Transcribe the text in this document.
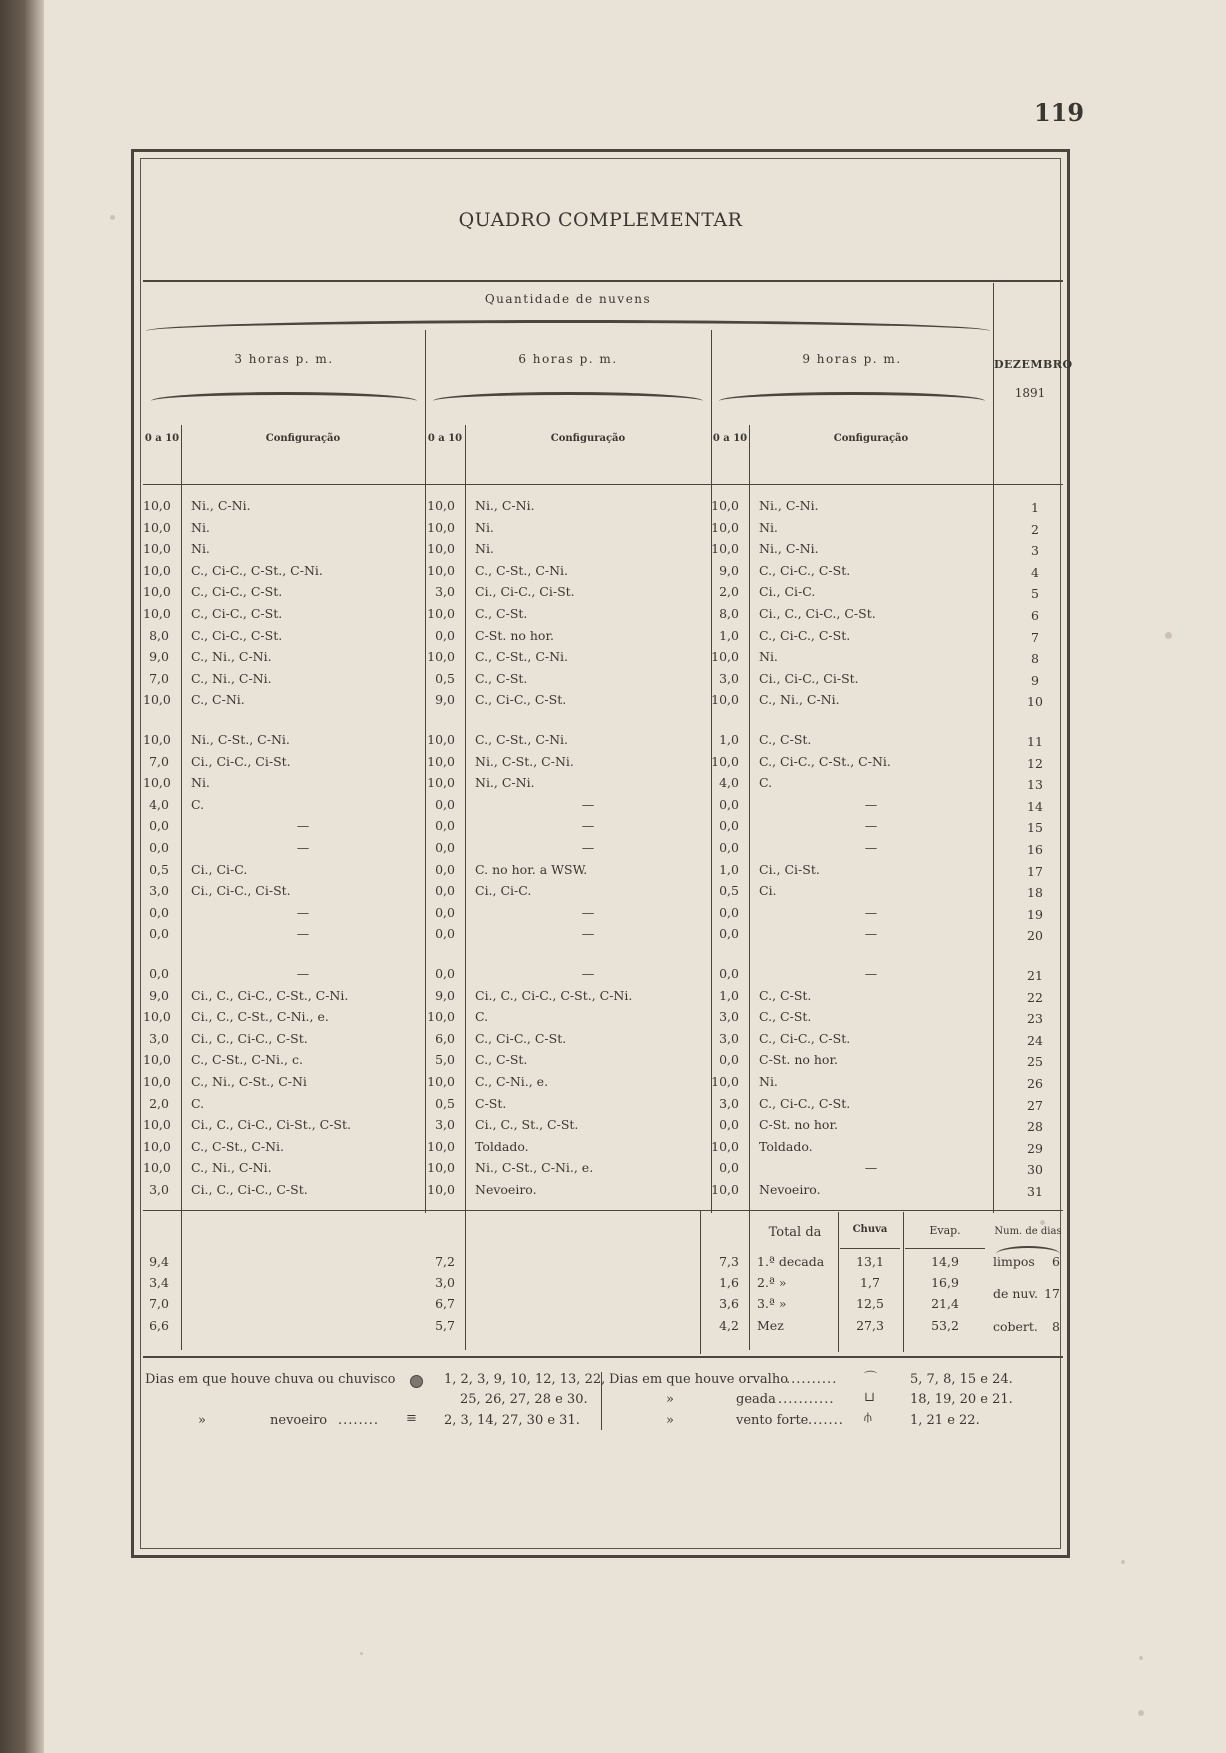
119
QUADRO COMPLEMENTAR
Quantidade de nuvens
3 horas p. m.	6 horas p. m.	9 horas p. m.	DEZEMBRO
1891
0 a 10	0 a 10	0 a 10
Configuração	Configuração	Configuração
10,0 Ni., C-Ni.	10,0 Ni., C-Ni.	10,0 Ni., C-Ni.	1
10,0 Ni.	10,0 Ni.	10,0 Ni.	2
10,0 Ni.	10,0 Ni.	10,0 Ni., C-Ni.	3
10,0 C., Ci-C., C-St., C-Ni.	10,0 C., C-St., C-Ni.	9,0 C., Ci-C., C-St.	4
10,0 C., Ci-C., C-St.	3,0 Ci., Ci-C., Ci-St.	2,0 Ci., Ci-C.	5
10,0 C., Ci-C., C-St.	10,0 C., C-St.	8,0 Ci., C., Ci-C., C-St.	6
8,0 C., Ci-C., C-St.	0,0 C-St. no hor.	1,0 C., Ci-C., C-St.	7
9,0 C., Ni., C-Ni.	10,0 C., C-St., C-Ni.	10,0 Ni.	8
7,0 C., Ni., C-Ni.	0,5 C., C-St.	3,0 Ci., Ci-C., Ci-St.	9
10,0 C., C-Ni.	9,0 C., Ci-C., C-St.	10,0 C., Ni., C-Ni.	10
10,0 Ni., C-St., C-Ni.	10,0 C., C-St., C-Ni.	1,0 C., C-St.	11
7,0 Ci., Ci-C., Ci-St.	10,0 Ni., C-St., C-Ni.	10,0 C., Ci-C., C-St., C-Ni.	12
10,0 Ni.	10,0 Ni., C-Ni.	4,0 C.	13
4,0 C.	0,0	—	0,0	—	14
0,0	—	0,0	—	0,0	—	15
0,0	—	0,0	—	0,0	—	16
0,5 Ci., Ci-C.	0,0 C. no hor. a WSW.	1,0 Ci., Ci-St.	17
3,0 Ci., Ci-C., Ci-St.	0,0 Ci., Ci-C.	0,5 Ci.	18
0,0	—	0,0	—	0,0	—	19
0,0	—	0,0	—	0,0	—	20
0,0	—	0,0	—	0,0	—	21
9,0 Ci., C., Ci-C., C-St., C-Ni.	9,0 Ci., C., Ci-C., C-St., C-Ni.	1,0 C., C-St.	22
10,0 Ci., C., C-St., C-Ni., e.	10,0 C.	3,0 C., C-St.	23
3,0 Ci., C., Ci-C., C-St.	6,0 C., Ci-C., C-St.	3,0 C., Ci-C., C-St.	24
10,0 C., C-St., C-Ni., c.	5,0 C., C-St.	0,0 C-St. no hor.	25
10,0 C., Ni., C-St., C-Ni	10,0 C., C-Ni., e.	10,0 Ni.	26
2,0 C.	0,5 C-St.	3,0 C., Ci-C., C-St.	27
10,0 Ci., C., Ci-C., Ci-St., C-St.	3,0 Ci., C., St., C-St.	0,0 C-St. no hor.	28
10,0 C., C-St., C-Ni.	10,0 Toldado.	10,0 Toldado.	29
10,0 C., Ni., C-Ni.	10,0 Ni., C-St., C-Ni., e.	0,0	—	30
3,0 Ci., C., Ci-C., C-St.	10,0 Nevoeiro.	10,0 Nevoeiro.	31
Total da	Chuva	Evap.	Num. de dias
9,4	7,2	7,3 1.ª decada	13,1	14,9
3,4	3,0	1,6 2.ª »	1,7	16,9
7,0	6,7	3,6 3.ª »	12,5	21,4
6,6	5,7	4,2 Mez	27,3	53,2
limpos	6
de nuv. 17
cobert.	8
Dias em que houve chuva ou chuvisco	1, 2, 3, 9, 10, 12, 13, 22,
25, 26, 27, 28 e 30.
nevoeiro	≡ 2, 3, 14, 27, 30 e 31.
Dias em que houve orvalho	⌒	5, 7, 8, 15 e 24.
geada	⊔	18, 19, 20 e 21.
vento forte	⫛	1, 21 e 22.
»
»
»
........
..........
...........
.......
